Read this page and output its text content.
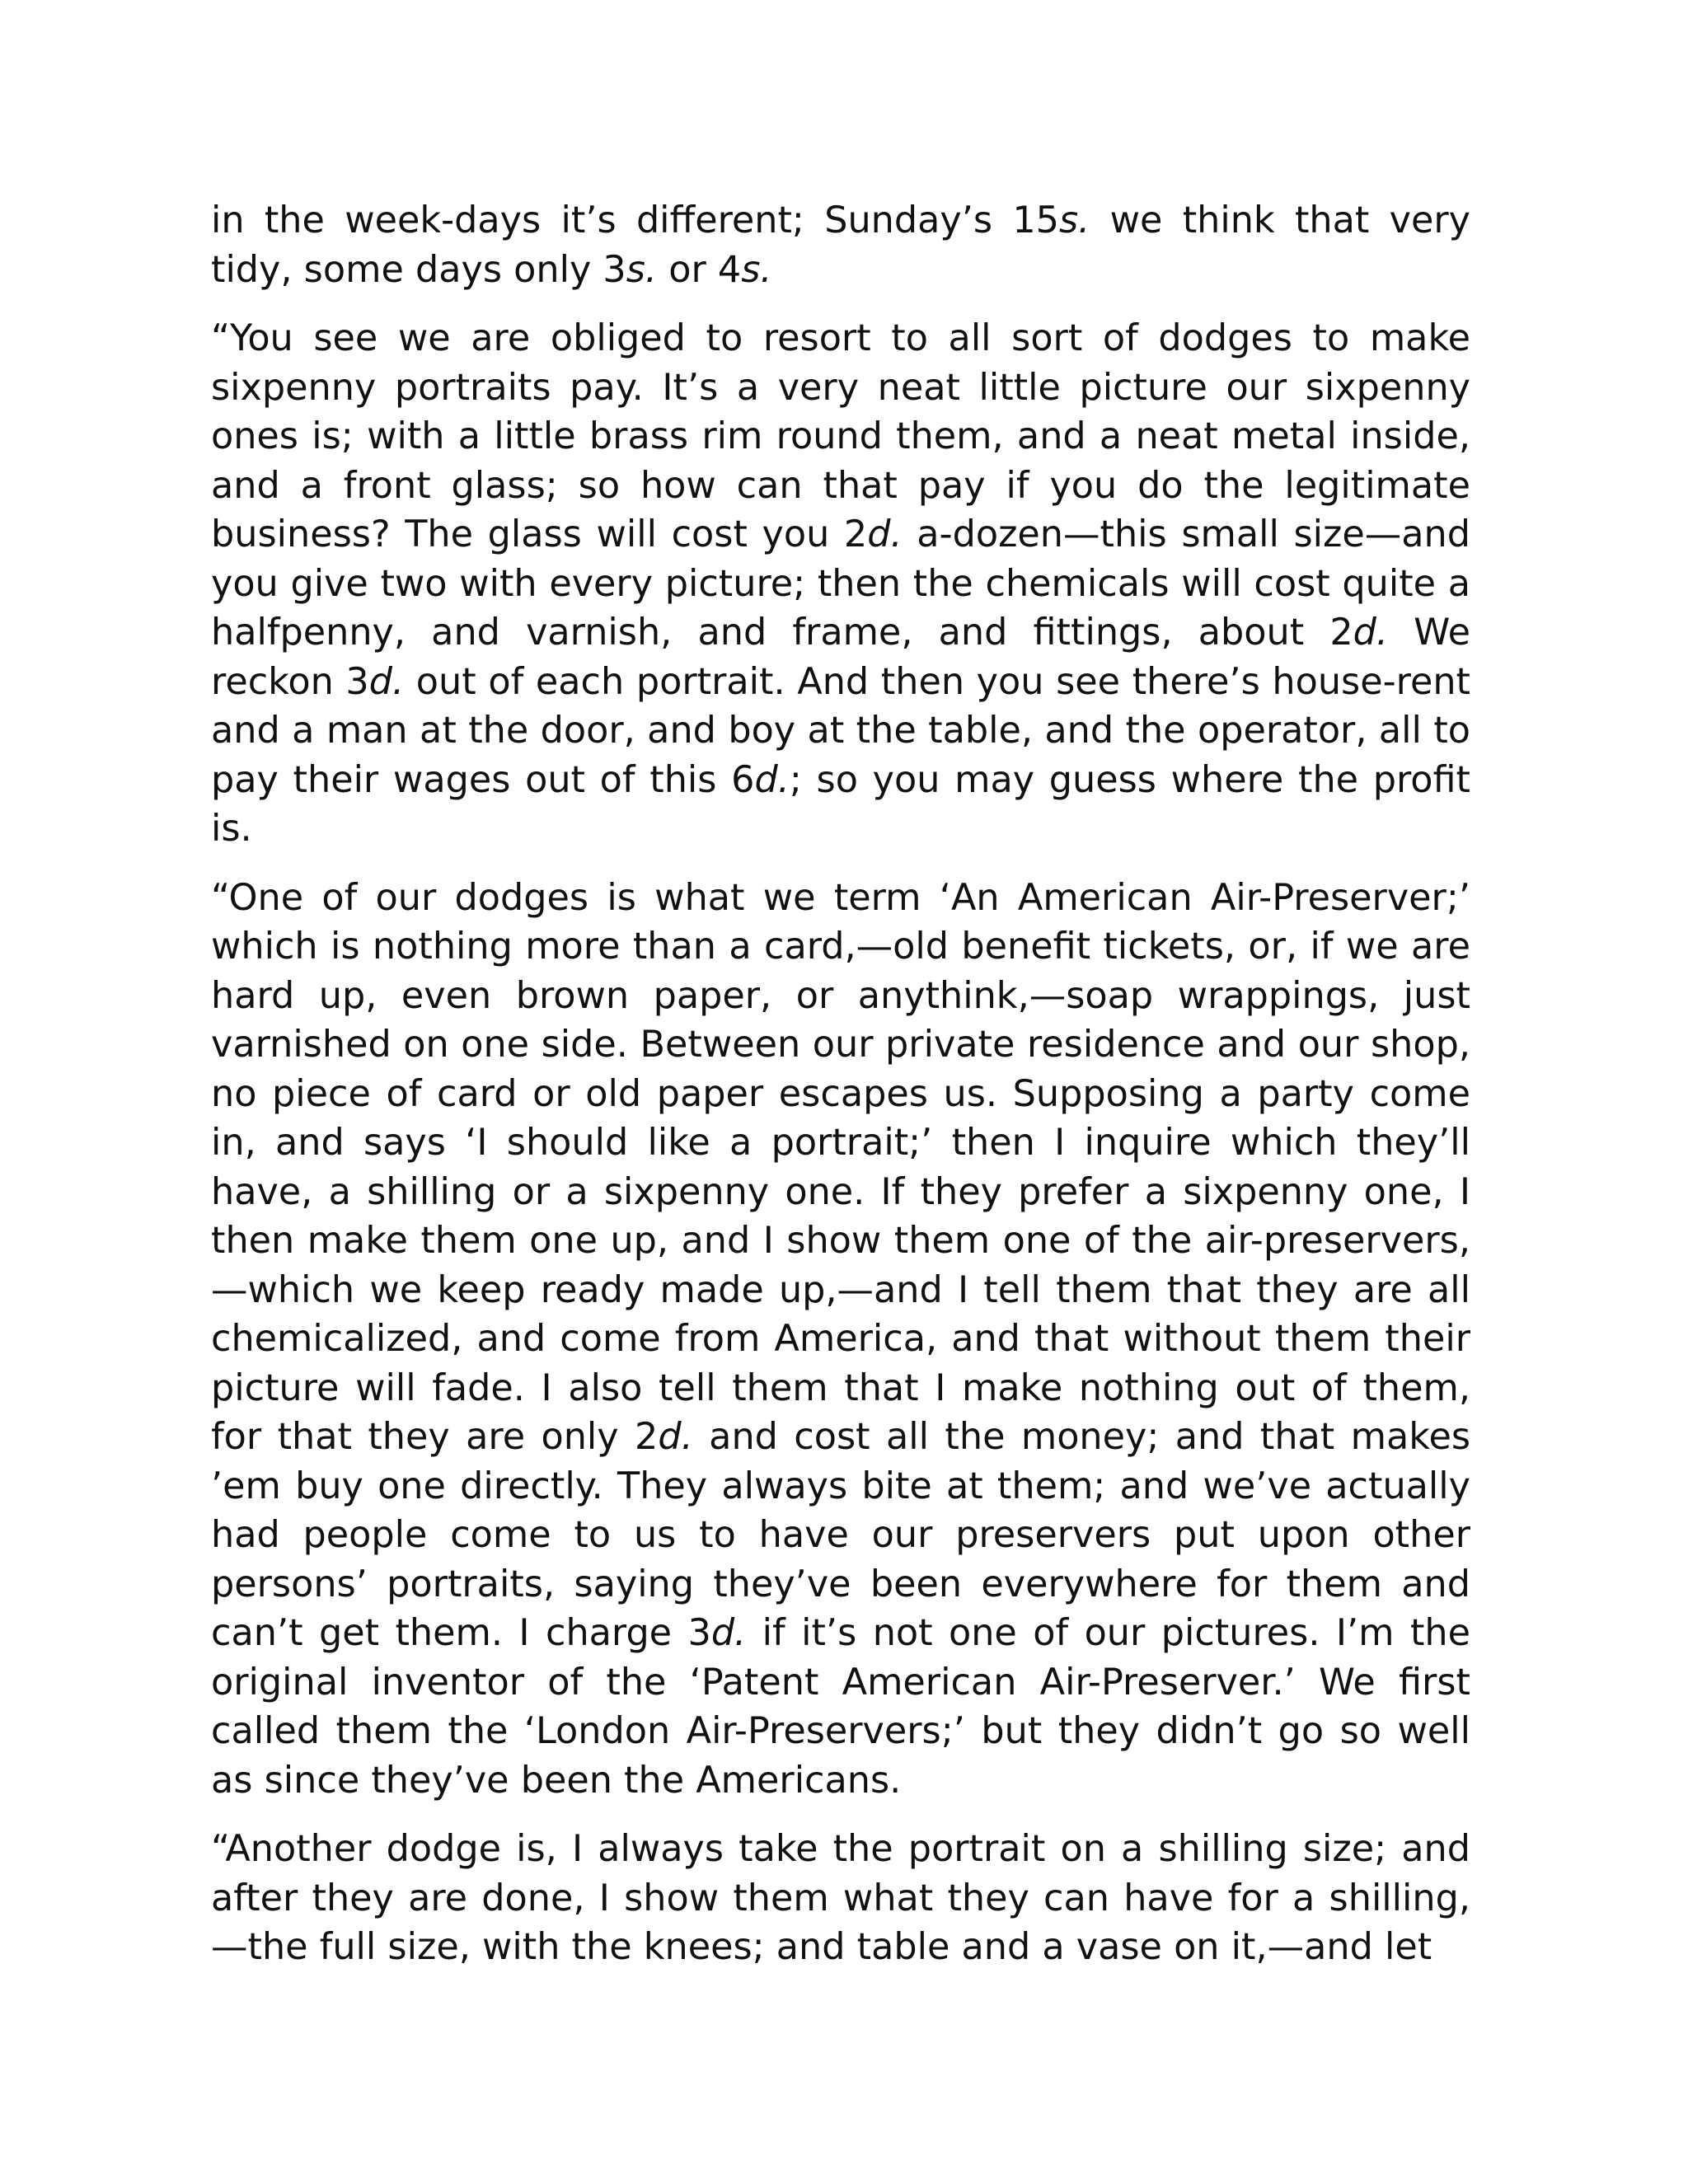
in the week-days it’s different; Sunday’s 15s. we think that very tidy, some days only 3s. or 4s.

“You see we are obliged to resort to all sort of dodges to make sixpenny portraits pay. It’s a very neat little picture our sixpenny ones is; with a little brass rim round them, and a neat metal inside, and a front glass; so how can that pay if you do the legitimate business? The glass will cost you 2d. a-dozen—this small size—and you give two with every picture; then the chemicals will cost quite a halfpenny, and varnish, and frame, and fittings, about 2d. We reckon 3d. out of each portrait. And then you see there’s house-rent and a man at the door, and boy at the table, and the operator, all to pay their wages out of this 6d.; so you may guess where the profit is.

“One of our dodges is what we term ‘An American Air-Preserver;’ which is nothing more than a card,—old benefit tickets, or, if we are hard up, even brown paper, or anythink,—soap wrappings, just varnished on one side. Between our private residence and our shop, no piece of card or old paper escapes us. Supposing a party come in, and says ‘I should like a portrait;’ then I inquire which they’ll have, a shilling or a sixpenny one. If they prefer a sixpenny one, I then make them one up, and I show them one of the air-preservers, —which we keep ready made up,—and I tell them that they are all chemicalized, and come from America, and that without them their picture will fade. I also tell them that I make nothing out of them, for that they are only 2d. and cost all the money; and that makes ’em buy one directly. They always bite at them; and we’ve actually had people come to us to have our preservers put upon other persons’ portraits, saying they’ve been everywhere for them and can’t get them. I charge 3d. if it’s not one of our pictures. I’m the original inventor of the ‘Patent American Air-Preserver.’ We first called them the ‘London Air-Preservers;’ but they didn’t go so well as since they’ve been the Americans.

“Another dodge is, I always take the portrait on a shilling size; and after they are done, I show them what they can have for a shilling, —the full size, with the knees; and table and a vase on it,—and let
